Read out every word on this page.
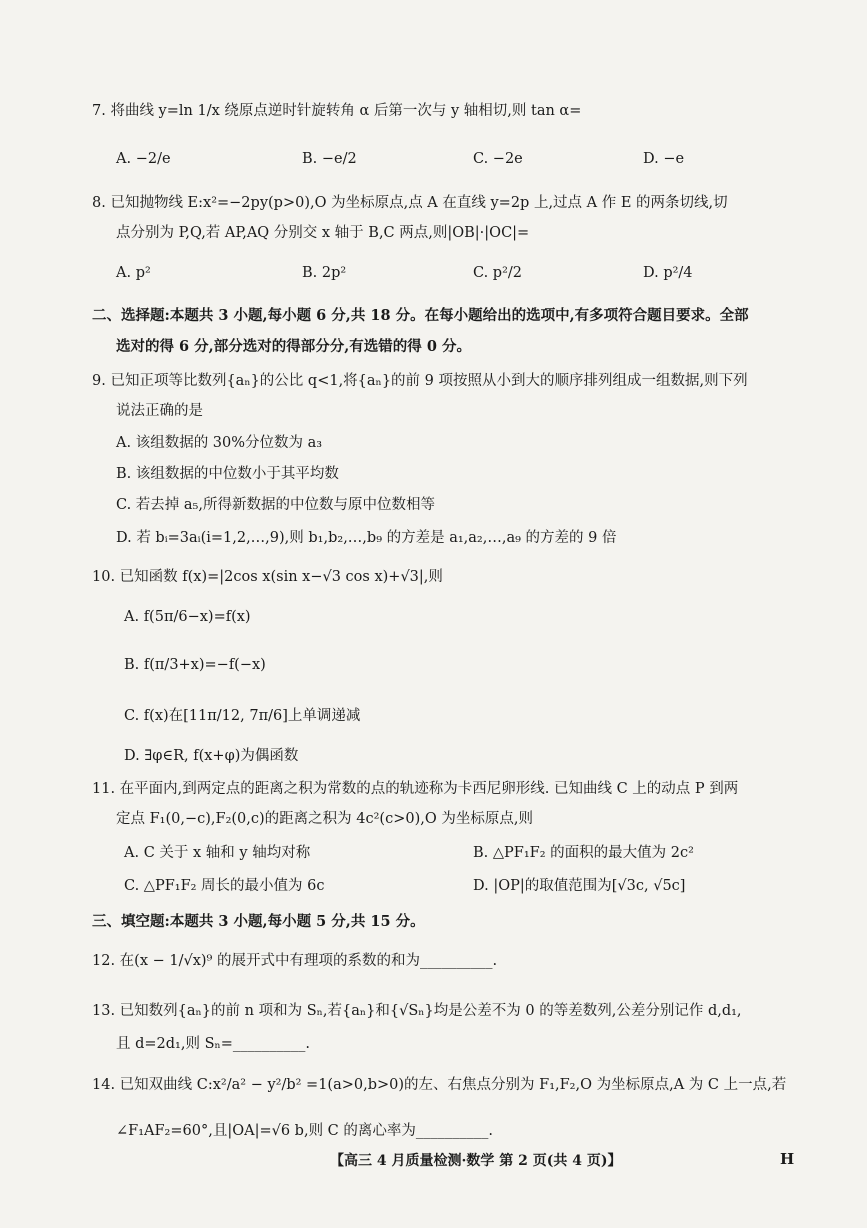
7. 将曲线 y=ln 1/x 绕原点逆时针旋转角 α 后第一次与 y 轴相切,则 tan α=
A. −2/e	B. −e/2	C. −2e	D. −e
8. 已知抛物线 E:x²=−2py(p>0),O 为坐标原点,点 A 在直线 y=2p 上,过点 A 作 E 的两条切线,切
点分别为 P,Q,若 AP,AQ 分别交 x 轴于 B,C 两点,则|OB|·|OC|=
A. p²	B. 2p²	C. p²/2	D. p²/4
二、选择题:本题共 3 小题,每小题 6 分,共 18 分。在每小题给出的选项中,有多项符合题目要求。全部
选对的得 6 分,部分选对的得部分分,有选错的得 0 分。
9. 已知正项等比数列{aₙ}的公比 q<1,将{aₙ}的前 9 项按照从小到大的顺序排列组成一组数据,则下列
说法正确的是
A. 该组数据的 30%分位数为 a₃
B. 该组数据的中位数小于其平均数
C. 若去掉 a₅,所得新数据的中位数与原中位数相等
D. 若 bᵢ=3aᵢ(i=1,2,…,9),则 b₁,b₂,…,b₉ 的方差是 a₁,a₂,…,a₉ 的方差的 9 倍
10. 已知函数 f(x)=|2cos x(sin x−√3 cos x)+√3|,则
A. f(5π/6−x)=f(x)
B. f(π/3+x)=−f(−x)
C. f(x)在[11π/12, 7π/6]上单调递减
D. ∃φ∈R, f(x+φ)为偶函数
11. 在平面内,到两定点的距离之积为常数的点的轨迹称为卡西尼卵形线. 已知曲线 C 上的动点 P 到两
定点 F₁(0,−c),F₂(0,c)的距离之积为 4c²(c>0),O 为坐标原点,则
A. C 关于 x 轴和 y 轴均对称	B. △PF₁F₂ 的面积的最大值为 2c²
C. △PF₁F₂ 周长的最小值为 6c	D. |OP|的取值范围为[√3c, √5c]
三、填空题:本题共 3 小题,每小题 5 分,共 15 分。
12. 在(x − 1/√x)⁹ 的展开式中有理项的系数的和为__________.
13. 已知数列{aₙ}的前 n 项和为 Sₙ,若{aₙ}和{√Sₙ}均是公差不为 0 的等差数列,公差分别记作 d,d₁,
且 d=2d₁,则 Sₙ=__________.
14. 已知双曲线 C:x²/a² − y²/b² =1(a>0,b>0)的左、右焦点分别为 F₁,F₂,O 为坐标原点,A 为 C 上一点,若
∠F₁AF₂=60°,且|OA|=√6 b,则 C 的离心率为__________.
【高三 4 月质量检测·数学 第 2 页(共 4 页)】	H
